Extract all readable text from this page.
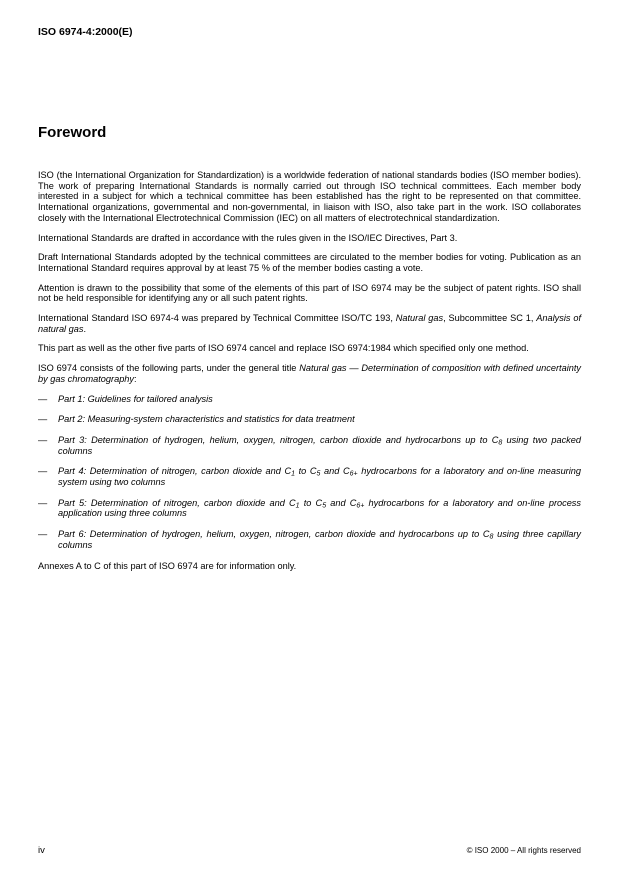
ISO 6974-4:2000(E)
Foreword

ISO (the International Organization for Standardization) is a worldwide federation of national standards bodies (ISO member bodies). The work of preparing International Standards is normally carried out through ISO technical committees. Each member body interested in a subject for which a technical committee has been established has the right to be represented on that committee. International organizations, governmental and non-governmental, in liaison with ISO, also take part in the work. ISO collaborates closely with the International Electrotechnical Commission (IEC) on all matters of electrotechnical standardization.

International Standards are drafted in accordance with the rules given in the ISO/IEC Directives, Part 3.

Draft International Standards adopted by the technical committees are circulated to the member bodies for voting. Publication as an International Standard requires approval by at least 75 % of the member bodies casting a vote.

Attention is drawn to the possibility that some of the elements of this part of ISO 6974 may be the subject of patent rights. ISO shall not be held responsible for identifying any or all such patent rights.

International Standard ISO 6974-4 was prepared by Technical Committee ISO/TC 193, Natural gas, Subcommittee SC 1, Analysis of natural gas.

This part as well as the other five parts of ISO 6974 cancel and replace ISO 6974:1984 which specified only one method.

ISO 6974 consists of the following parts, under the general title Natural gas — Determination of composition with defined uncertainty by gas chromatography:

—	Part 1: Guidelines for tailored analysis
—	Part 2: Measuring-system characteristics and statistics for data treatment
—	Part 3: Determination of hydrogen, helium, oxygen, nitrogen, carbon dioxide and hydrocarbons up to $C_8$ using two packed columns
—	Part 4: Determination of nitrogen, carbon dioxide and $C_1$ to $C_5$ and $C_{6+}$ hydrocarbons for a laboratory and on-line measuring system using two columns
—	Part 5: Determination of nitrogen, carbon dioxide and $C_1$ to $C_5$ and $C_{6+}$ hydrocarbons for a laboratory and on-line process application using three columns
—	Part 6: Determination of hydrogen, helium, oxygen, nitrogen, carbon dioxide and hydrocarbons up to $C_8$ using three capillary columns

Annexes A to C of this part of ISO 6974 are for information only.

iv	© ISO 2000 – All rights reserved
